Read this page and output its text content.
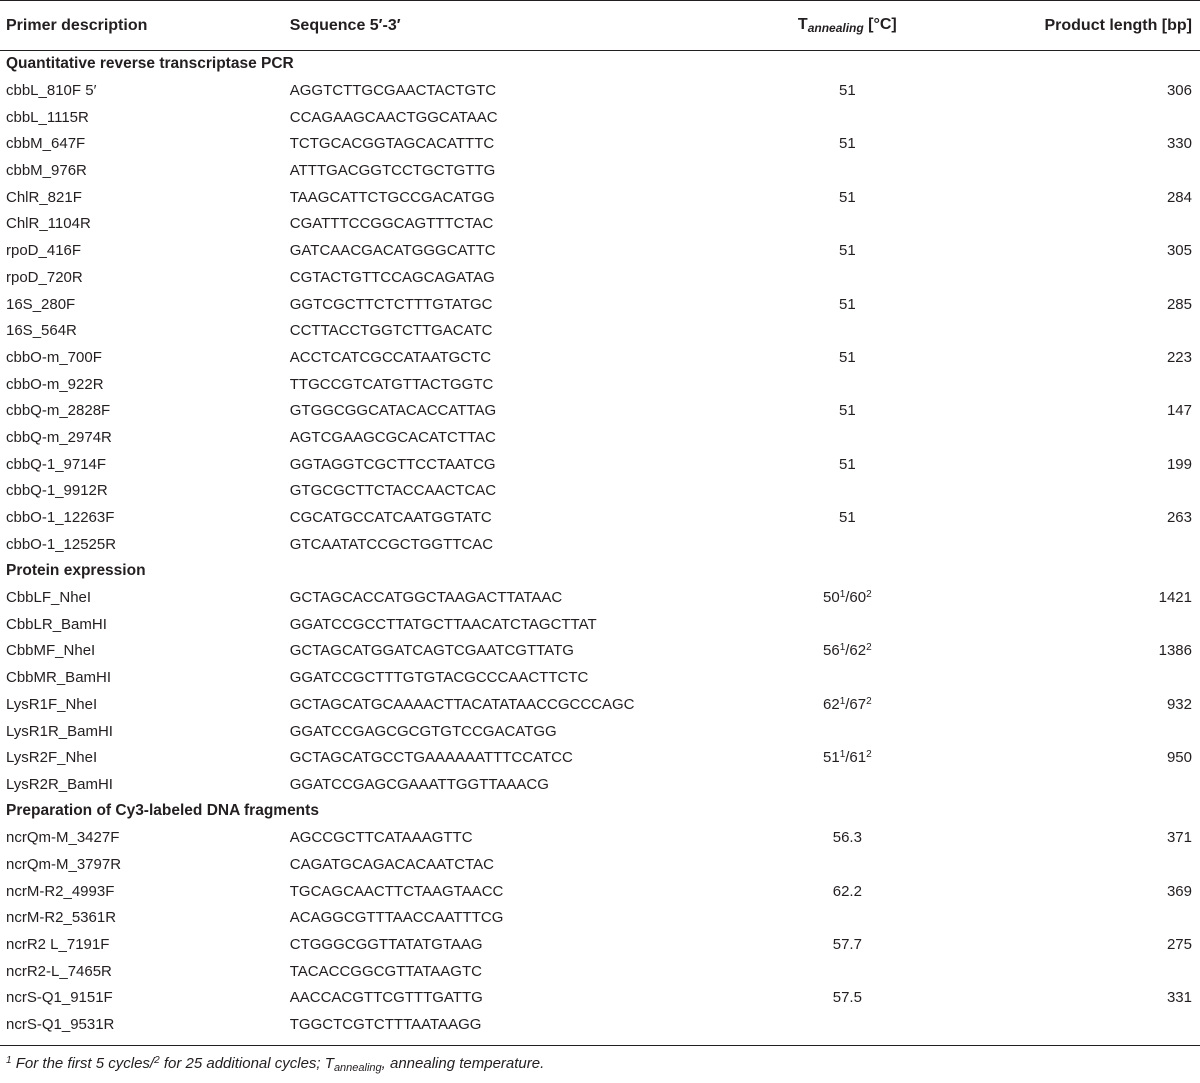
Primer description	Sequence 5′-3′	$T_{annealing}$ [°C]	Product length [bp]
Quantitative reverse transcriptase PCR			
cbbL_810F 5′	AGGTCTTGCGAACTACTGTC	51	306
cbbL_1115R	CCAGAAGCAACTGGCATAAC		
cbbM_647F	TCTGCACGGTAGCACATTTC	51	330
cbbM_976R	ATTTGACGGTCCTGCTGTTG		
ChlR_821F	TAAGCATTCTGCCGACATGG	51	284
ChlR_1104R	CGATTTCCGGCAGTTTCTAC		
rpoD_416F	GATCAACGACATGGGCATTC	51	305
rpoD_720R	CGTACTGTTCCAGCAGATAG		
16S_280F	GGTCGCTTCTCTTTGTATGC	51	285
16S_564R	CCTTACCTGGTCTTGACATC		
cbbO-m_700F	ACCTCATCGCCATAATGCTC	51	223
cbbO-m_922R	TTGCCGTCATGTTACTGGTC		
cbbQ-m_2828F	GTGGCGGCATACACCATTAG	51	147
cbbQ-m_2974R	AGTCGAAGCGCACATCTTAC		
cbbQ-1_9714F	GGTAGGTCGCTTCCTAATCG	51	199
cbbQ-1_9912R	GTGCGCTTCTACCAACTCAC		
cbbO-1_12263F	CGCATGCCATCAATGGTATC	51	263
cbbO-1_12525R	GTCAATATCCGCTGGTTCAC		
Protein expression			
CbbLF_NheI	GCTAGCACCATGGCTAAGACTTATAAC	$50^1/60^2$	1421
CbbLR_BamHI	GGATCCGCCTTATGCTTAACATCTAGCTTAT		
CbbMF_NheI	GCTAGCATGGATCAGTCGAATCGTTATG	$56^1/62^2$	1386
CbbMR_BamHI	GGATCCGCTTTGTGTACGCCCAACTTCTC		
LysR1F_NheI	GCTAGCATGCAAAACTTACATATAACCGCCCAGC	$62^1/67^2$	932
LysR1R_BamHI	GGATCCGAGCGCGTGTCCGACATGG		
LysR2F_NheI	GCTAGCATGCCTGAAAAAATTTCCATCC	$51^1/61^2$	950
LysR2R_BamHI	GGATCCGAGCGAAATTGGTTAAACG		
Preparation of Cy3-labeled DNA fragments			
ncrQm-M_3427F	AGCCGCTTCATAAAGTTC	56.3	371
ncrQm-M_3797R	CAGATGCAGACACAATCTAC		
ncrM-R2_4993F	TGCAGCAACTTCTAAGTAACC	62.2	369
ncrM-R2_5361R	ACAGGCGTTTAACCAATTTCG		
ncrR2 L_7191F	CTGGGCGGTTATATGTAAG	57.7	275
ncrR2-L_7465R	TACACCGGCGTTATAAGTC		
ncrS-Q1_9151F	AACCACGTTCGTTTGATTG	57.5	331
ncrS-Q1_9531R	TGGCTCGTCTTTAATAAGG		
$^1$ For the first 5 cycles/$^2$ for 25 additional cycles; $T_{annealing}$, annealing temperature.
